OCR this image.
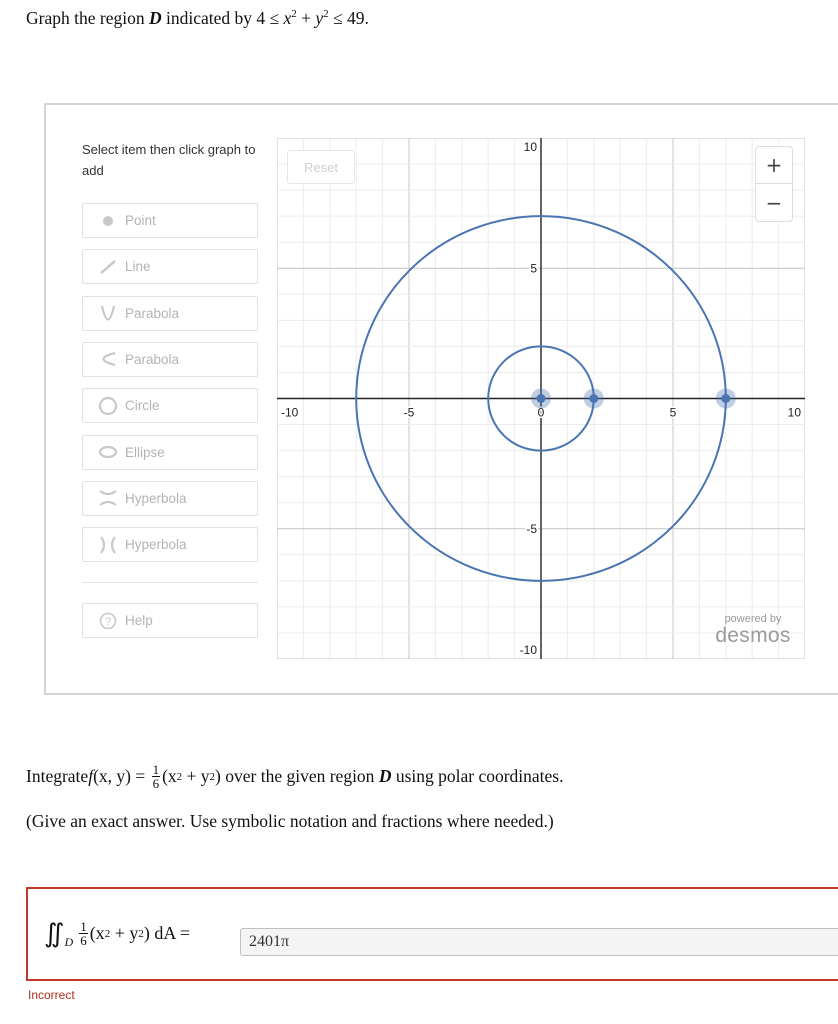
Graph the region D indicated by $4 \le x^2 + y^2 \le 49$.
Select item then click graph to add
Point
Line
Parabola
Parabola
Circle
Ellipse
Hyperbola
Hyperbola
? Help
-10	-5	0	5	10
10
5
-5
-10
Reset	+
−
powered by
desmos
Integrate f (x, $y) = \frac{1}{6} (x$ 2 + y 2 ) over the given region D using polar coordinates.
(Give an exact answer. Use symbolic notation and fractions where needed.)
∬ D $\frac{1}{6} (x$ 2 + y 2 ) dA =	2401π
Incorrect
